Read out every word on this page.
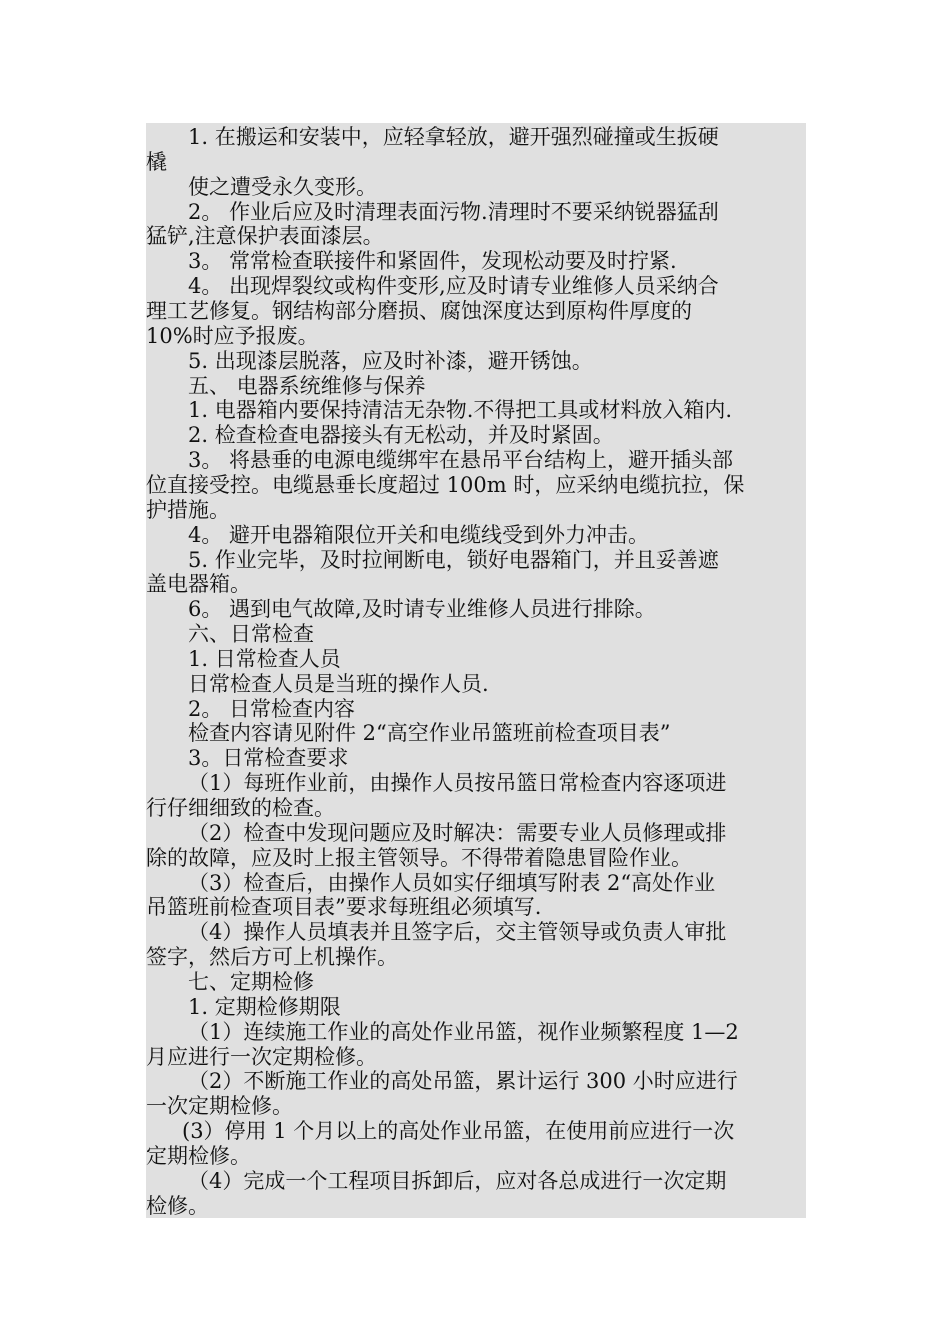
1. 在搬运和安装中，应轻拿轻放，避开强烈碰撞或生扳硬
橇
使之遭受永久变形。
2。 作业后应及时清理表面污物.清理时不要采纳锐器猛刮
猛铲,注意保护表面漆层。
3。 常常检查联接件和紧固件，发现松动要及时拧紧.
4。 出现焊裂纹或构件变形,应及时请专业维修人员采纳合
理工艺修复。钢结构部分磨损、腐蚀深度达到原构件厚度的
10%时应予报废。
5. 出现漆层脱落，应及时补漆，避开锈蚀。
五、 电器系统维修与保养
1. 电器箱内要保持清洁无杂物.不得把工具或材料放入箱内.
2. 检查检查电器接头有无松动，并及时紧固。
3。 将悬垂的电源电缆绑牢在悬吊平台结构上，避开插头部
位直接受控。电缆悬垂长度超过 100m 时，应采纳电缆抗拉，保
护措施。
4。 避开电器箱限位开关和电缆线受到外力冲击。
5. 作业完毕，及时拉闸断电，锁好电器箱门，并且妥善遮
盖电器箱。
6。 遇到电气故障,及时请专业维修人员进行排除。
六、日常检查
1. 日常检查人员
日常检查人员是当班的操作人员.
2。 日常检查内容
检查内容请见附件 2“高空作业吊篮班前检查项目表”
3。日常检查要求
（1）每班作业前，由操作人员按吊篮日常检查内容逐项进
行仔细细致的检查。
（2）检查中发现问题应及时解决：需要专业人员修理或排
除的故障，应及时上报主管领导。不得带着隐患冒险作业。
（3）检查后，由操作人员如实仔细填写附表 2“高处作业
吊篮班前检查项目表”要求每班组必须填写.
（4）操作人员填表并且签字后，交主管领导或负责人审批
签字，然后方可上机操作。
七、定期检修
1. 定期检修期限
（1）连续施工作业的高处作业吊篮，视作业频繁程度 1—2
月应进行一次定期检修。
（2）不断施工作业的高处吊篮，累计运行 300 小时应进行
一次定期检修。
(3）停用 1 个月以上的高处作业吊篮，在使用前应进行一次
定期检修。
（4）完成一个工程项目拆卸后，应对各总成进行一次定期
检修。
